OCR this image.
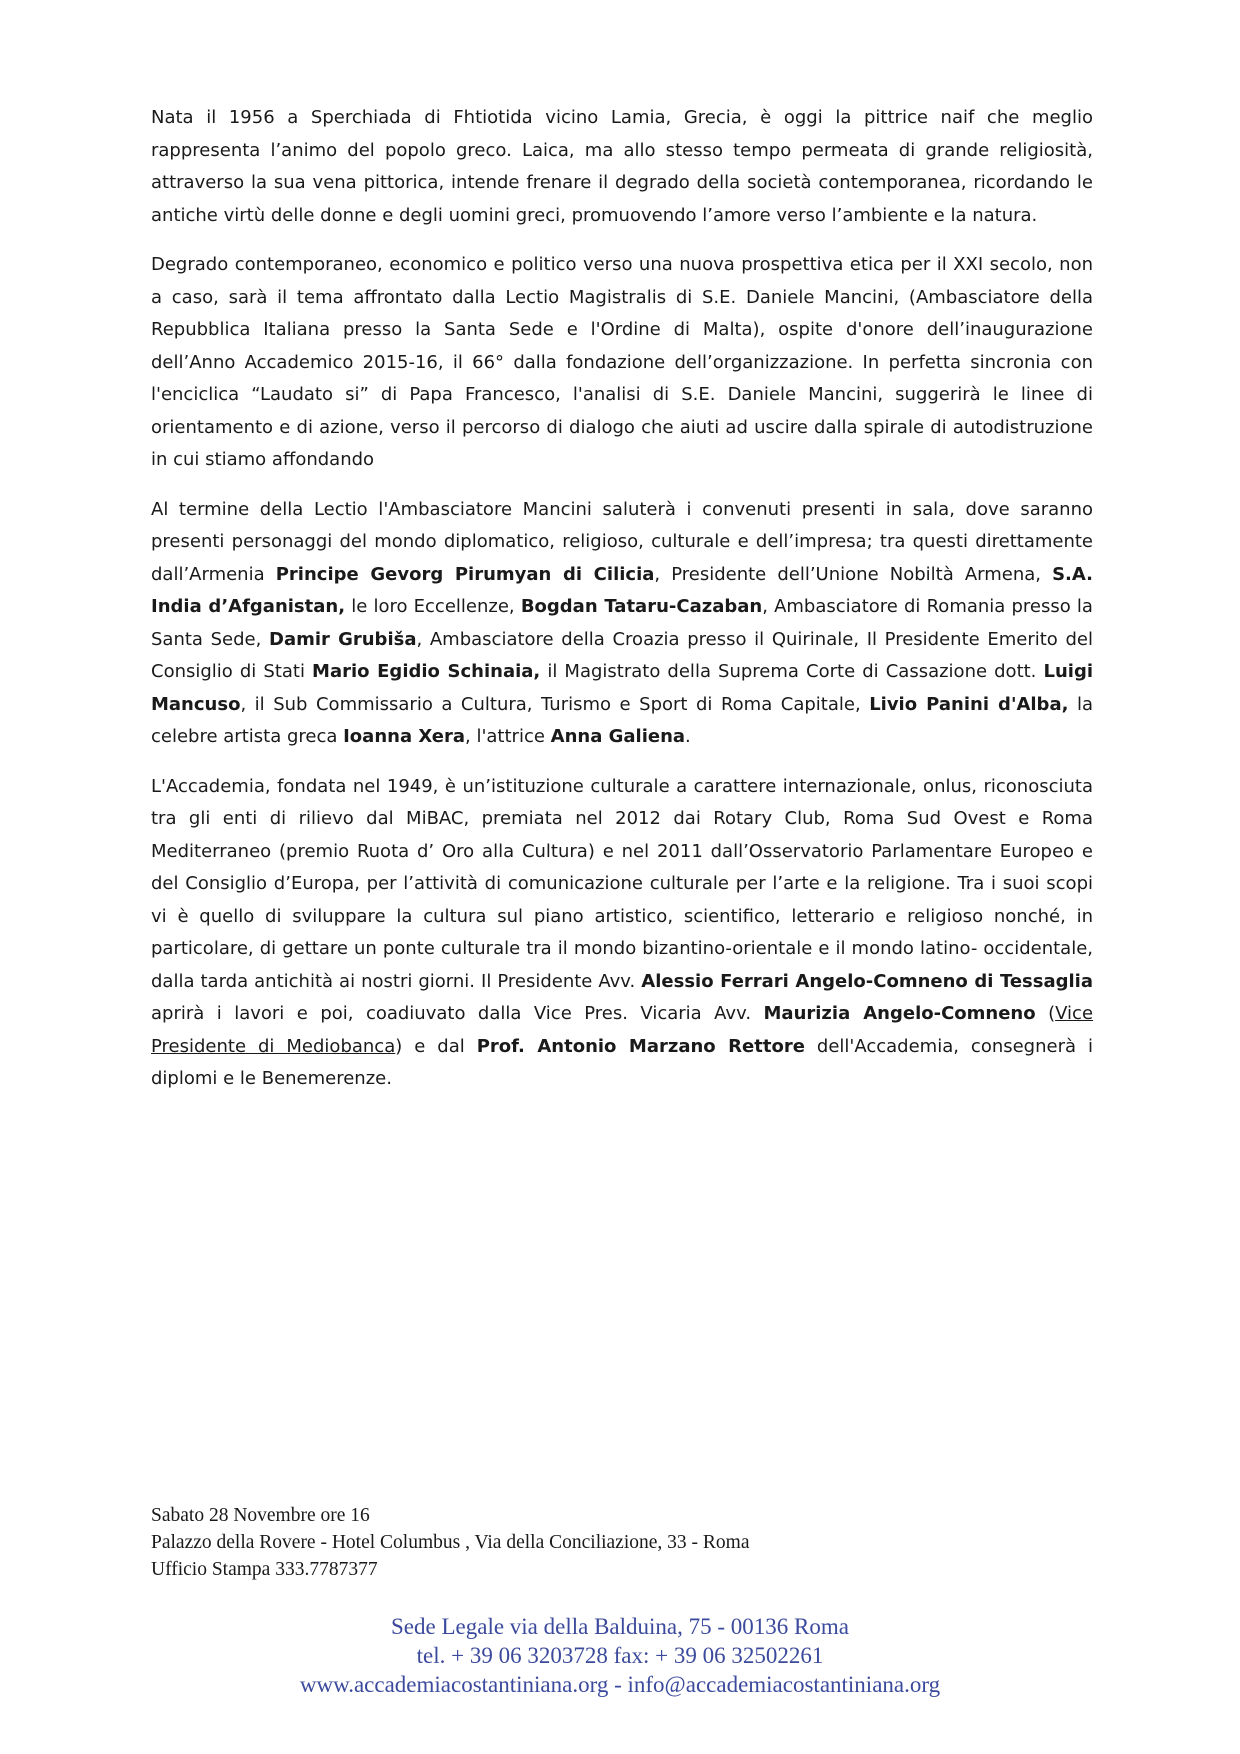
Nata il 1956 a Sperchiada di Fhtiotida vicino Lamia, Grecia, è oggi la pittrice naif che meglio rappresenta l’animo del popolo greco. Laica, ma allo stesso tempo permeata di grande religiosità, attraverso la sua vena pittorica, intende frenare il degrado della società contemporanea, ricordando le antiche virtù delle donne e degli uomini greci, promuovendo l’amore verso l’ambiente e la natura.

Degrado contemporaneo, economico e politico verso una nuova prospettiva etica per il XXI secolo, non a caso, sarà il tema affrontato dalla Lectio Magistralis di S.E. Daniele Mancini, (Ambasciatore della Repubblica Italiana presso la Santa Sede e l'Ordine di Malta), ospite d'onore dell’inaugurazione dell’Anno Accademico 2015-16, il 66° dalla fondazione dell’organizzazione. In perfetta sincronia con l'enciclica “Laudato si” di Papa Francesco, l'analisi di S.E. Daniele Mancini, suggerirà le linee di orientamento e di azione, verso il percorso di dialogo che aiuti ad uscire dalla spirale di autodistruzione in cui stiamo affondando

Al termine della Lectio l'Ambasciatore Mancini saluterà i convenuti presenti in sala, dove saranno presenti personaggi del mondo diplomatico, religioso, culturale e dell’impresa; tra questi direttamente dall’Armenia Principe Gevorg Pirumyan di Cilicia, Presidente dell’Unione Nobiltà Armena, S.A. India d’Afganistan, le loro Eccellenze, Bogdan Tataru-Cazaban, Ambasciatore di Romania presso la Santa Sede, Damir Grubiša, Ambasciatore della Croazia presso il Quirinale, Il Presidente Emerito del Consiglio di Stati Mario Egidio Schinaia, il Magistrato della Suprema Corte di Cassazione dott. Luigi Mancuso, il Sub Commissario a Cultura, Turismo e Sport di Roma Capitale, Livio Panini d'Alba, la celebre artista greca Ioanna Xera, l'attrice Anna Galiena.

L'Accademia, fondata nel 1949, è un’istituzione culturale a carattere internazionale, onlus, riconosciuta tra gli enti di rilievo dal MiBAC, premiata nel 2012 dai Rotary Club, Roma Sud Ovest e Roma Mediterraneo (premio Ruota d’ Oro alla Cultura) e nel 2011 dall’Osservatorio Parlamentare Europeo e del Consiglio d’Europa, per l’attività di comunicazione culturale per l’arte e la religione. Tra i suoi scopi vi è quello di sviluppare la cultura sul piano artistico, scientifico, letterario e religioso nonché, in particolare, di gettare un ponte culturale tra il mondo bizantino-orientale e il mondo latino- occidentale, dalla tarda antichità ai nostri giorni. Il Presidente Avv. Alessio Ferrari Angelo-Comneno di Tessaglia aprirà i lavori e poi, coadiuvato dalla Vice Pres. Vicaria Avv. Maurizia Angelo-Comneno (Vice Presidente di Mediobanca) e dal Prof. Antonio Marzano Rettore dell'Accademia, consegnerà i diplomi e le Benemerenze.

Sabato 28 Novembre ore 16
Palazzo della Rovere - Hotel Columbus , Via della Conciliazione, 33 - Roma
Ufficio Stampa 333.7787377
Sede Legale via della Balduina, 75 - 00136 Roma
tel. + 39 06 3203728 fax: + 39 06 32502261
www.accademiacostantiniana.org - info@accademiacostantiniana.org
